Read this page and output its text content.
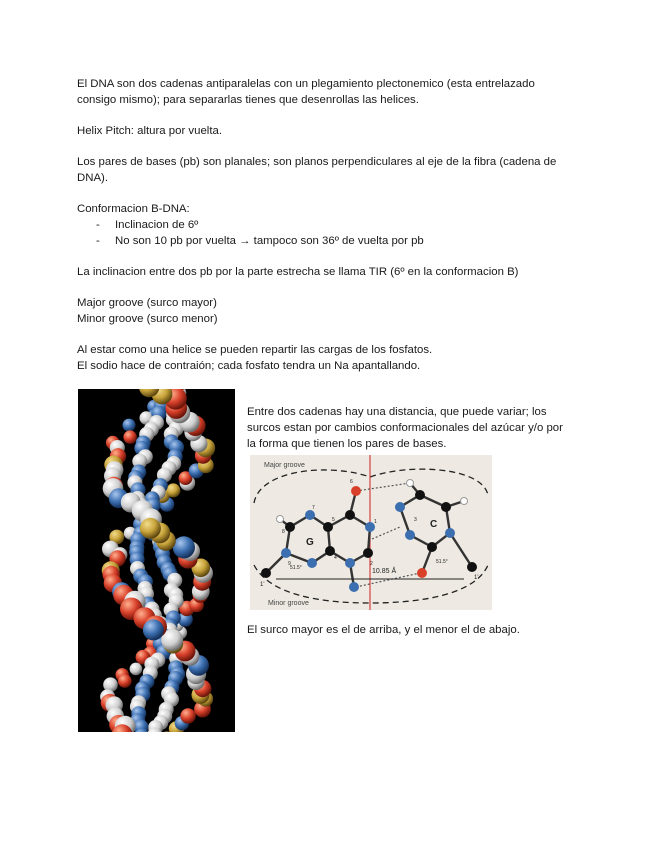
El DNA son dos cadenas antiparalelas con un plegamiento plectonemico (esta entrelazado

consigo mismo); para separarlas tienes que desenrollas las helices.

Helix Pitch: altura por vuelta.

Los pares de bases (pb) son planales; son planos perpendiculares al eje de la fibra (cadena de

DNA).

Conformacion B-DNA:

- Inclinacion de 6º
- No son 10 pb por vuelta → tampoco son 36º de vuelta por pb

La inclinacion entre dos pb por la parte estrecha se llama TIR (6º en la conformacion B)

Major groove (surco mayor)

Minor groove (surco menor)

Al estar como una helice se pueden repartir las cargas de los fosfatos.

El sodio hace de contraión; cada fosfato tendra un Na apantallando.

Entre dos cadenas hay una distancia, que puede variar; los

surcos estan por cambios conformacionales del azúcar y/o por

la forma que tienen los pares de bases.

Major groove
Minor groove
G
C
10.85 Å
51.5°
51.5°
1'
1'
6
4
2
1	3
8
9
7
5

El surco mayor es el de arriba, y el menor el de abajo.
